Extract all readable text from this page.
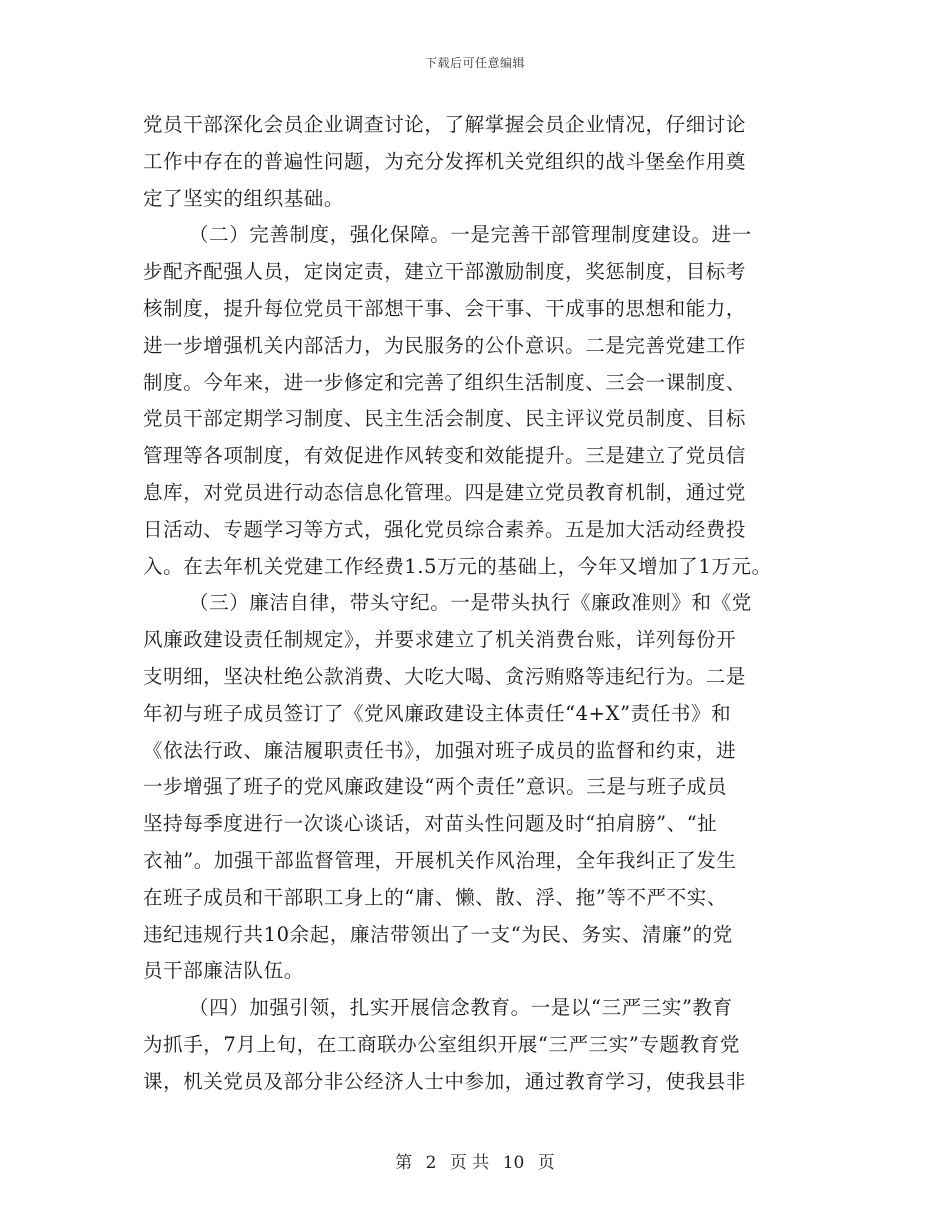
下载后可任意编辑
党员干部深化会员企业调查讨论，了解掌握会员企业情况，仔细讨论
工作中存在的普遍性问题，为充分发挥机关党组织的战斗堡垒作用奠
定了坚实的组织基础。
（二）完善制度，强化保障。一是完善干部管理制度建设。进一
步配齐配强人员，定岗定责，建立干部激励制度，奖惩制度，目标考
核制度，提升每位党员干部想干事、会干事、干成事的思想和能力，
进一步增强机关内部活力，为民服务的公仆意识。二是完善党建工作
制度。今年来，进一步修定和完善了组织生活制度、三会一课制度、
党员干部定期学习制度、民主生活会制度、民主评议党员制度、目标
管理等各项制度，有效促进作风转变和效能提升。三是建立了党员信
息库，对党员进行动态信息化管理。四是建立党员教育机制，通过党
日活动、专题学习等方式，强化党员综合素养。五是加大活动经费投
入。在去年机关党建工作经费1.5万元的基础上，今年又增加了1万元。
（三）廉洁自律，带头守纪。一是带头执行《廉政准则》和《党
风廉政建设责任制规定》，并要求建立了机关消费台账，详列每份开
支明细，坚决杜绝公款消费、大吃大喝、贪污贿赂等违纪行为。二是
年初与班子成员签订了《党风廉政建设主体责任“4+X”责任书》和
《依法行政、廉洁履职责任书》，加强对班子成员的监督和约束，进
一步增强了班子的党风廉政建设“两个责任”意识。三是与班子成员
坚持每季度进行一次谈心谈话，对苗头性问题及时“拍肩膀”、“扯
衣袖”。加强干部监督管理，开展机关作风治理，全年我纠正了发生
在班子成员和干部职工身上的“庸、懒、散、浮、拖”等不严不实、
违纪违规行共10余起，廉洁带领出了一支“为民、务实、清廉”的党
员干部廉洁队伍。
（四）加强引领，扎实开展信念教育。一是以“三严三实”教育
为抓手，7月上旬，在工商联办公室组织开展“三严三实”专题教育党
课，机关党员及部分非公经济人士中参加，通过教育学习，使我县非
第 2 页 共 10 页
